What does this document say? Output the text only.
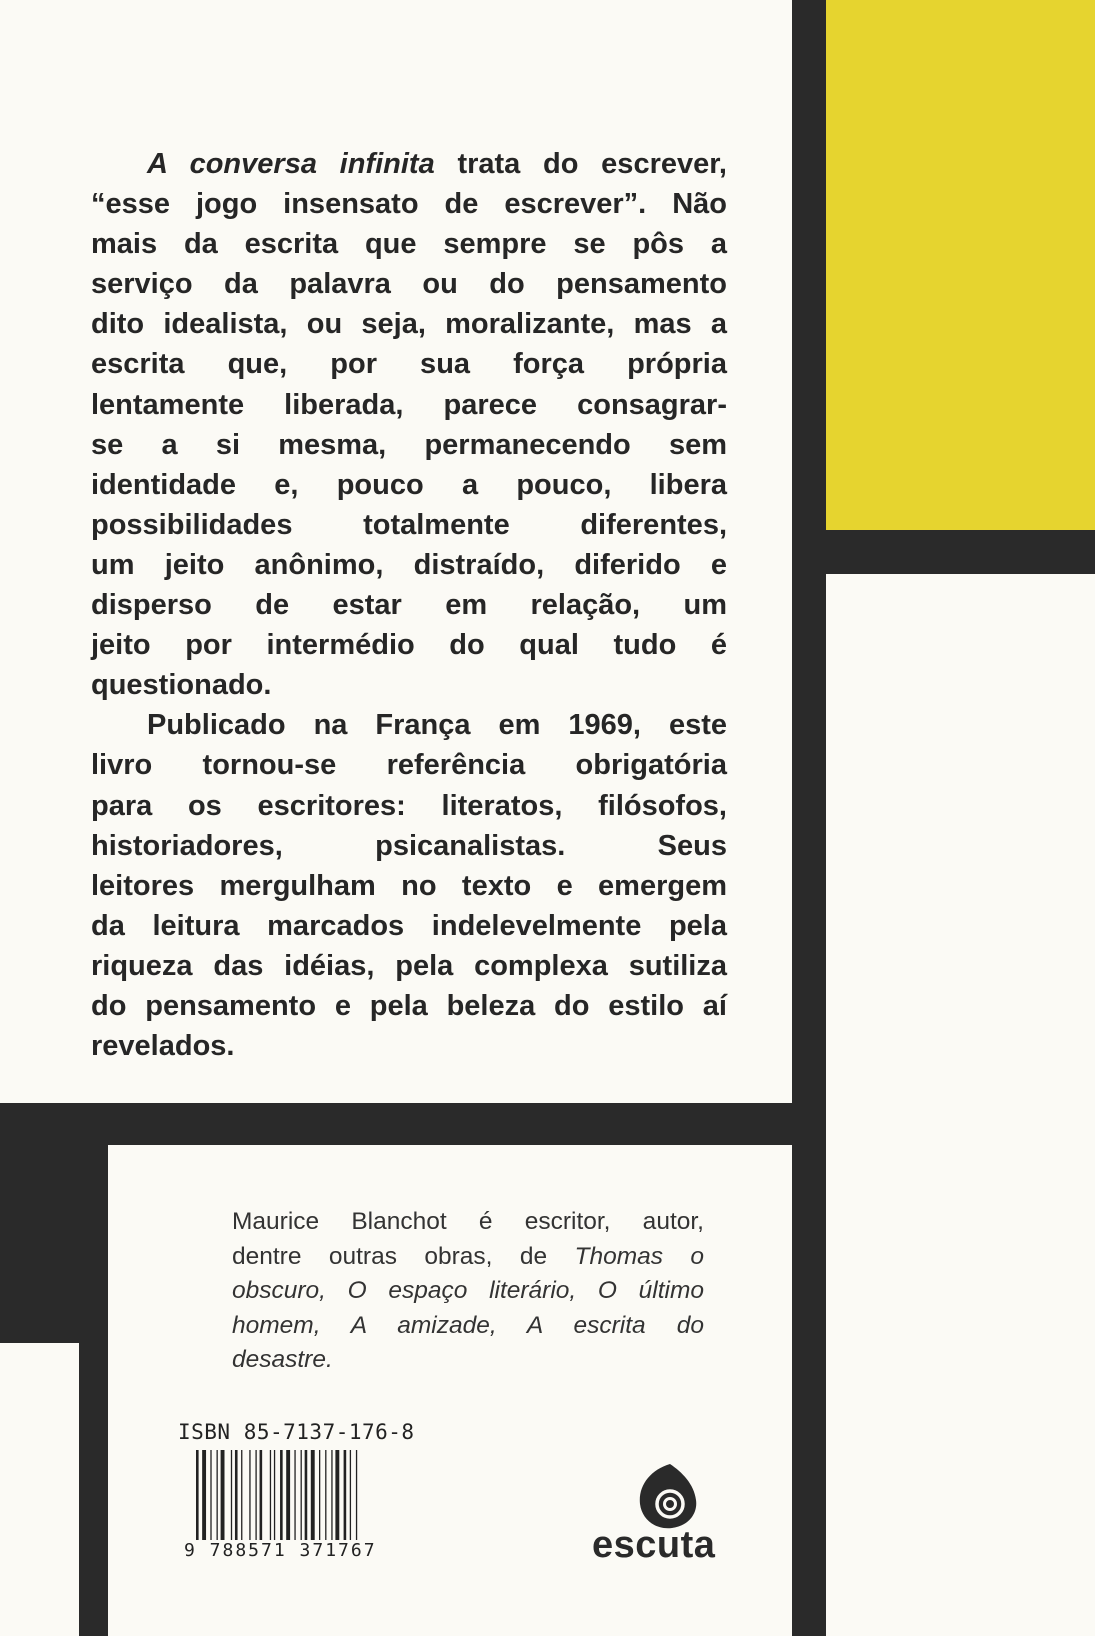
A conversa infinita trata do escrever,
“esse jogo insensato de escrever”. Não
mais da escrita que sempre se pôs a
serviço da palavra ou do pensamento
dito idealista, ou seja, moralizante, mas a
escrita que, por sua força própria
lentamente liberada, parece consagrar-
se a si mesma, permanecendo sem
identidade e, pouco a pouco, libera
possibilidades totalmente diferentes,
um jeito anônimo, distraído, diferido e
disperso de estar em relação, um
jeito por intermédio do qual tudo é
questionado.
Publicado na França em 1969, este
livro tornou-se referência obrigatória
para os escritores: literatos, filósofos,
historiadores, psicanalistas. Seus
leitores mergulham no texto e emergem
da leitura marcados indelevelmente pela
riqueza das idéias, pela complexa sutiliza
do pensamento e pela beleza do estilo aí
revelados.
Maurice Blanchot é escritor, autor,
dentre outras obras, de Thomas o
obscuro, O espaço literário, O último
homem, A amizade, A escrita do
desastre.
ISBN 85-7137-176-8
9 788571 371767	escuta
